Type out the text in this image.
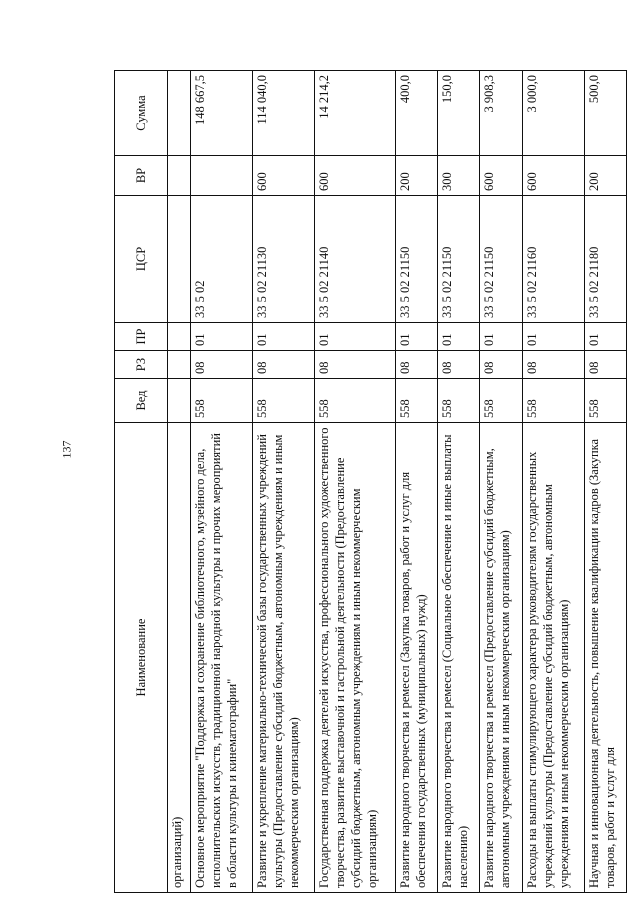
137
Наименование	Вед	РЗ	ПР	ЦСР	ВР	Сумма
организаций)						
Основное мероприятие "Поддержка и сохранение библиотечного, музейного дела, исполнительских искусств, традиционной народной культуры и прочих мероприятий в области культуры и кинематографии"	558	08	01	33 5 02		148 667,5
Развитие и укрепление материально-технической базы государственных учреждений культуры (Предоставление субсидий бюджетным, автономным учреждениям и иным некоммерческим организациям)	558	08	01	33 5 02 21130	600	114 040,0
Государственная поддержка деятелей искусства, профессионального художественного творчества, развитие выставочной и гастрольной деятельности (Предоставление субсидий бюджетным, автономным учреждениям и иным некоммерческим организациям)	558	08	01	33 5 02 21140	600	14 214,2
Развитие народного творчества и ремесел (Закупка товаров, работ и услуг для обеспечения государственных (муниципальных) нужд)	558	08	01	33 5 02 21150	200	400,0
Развитие народного творчества и ремесел (Социальное обеспечение и иные выплаты населению)	558	08	01	33 5 02 21150	300	150,0
Развитие народного творчества и ремесел (Предоставление субсидий бюджетным, автономным учреждениям и иным некоммерческим организациям)	558	08	01	33 5 02 21150	600	3 908,3
Расходы на выплаты стимулирующего характера руководителям государственных учреждений культуры (Предоставление субсидий бюджетным, автономным учреждениям и иным некоммерческим организациям)	558	08	01	33 5 02 21160	600	3 000,0
Научная и инновационная деятельность, повышение квалификации кадров (Закупка товаров, работ и услуг для	558	08	01	33 5 02 21180	200	500,0
